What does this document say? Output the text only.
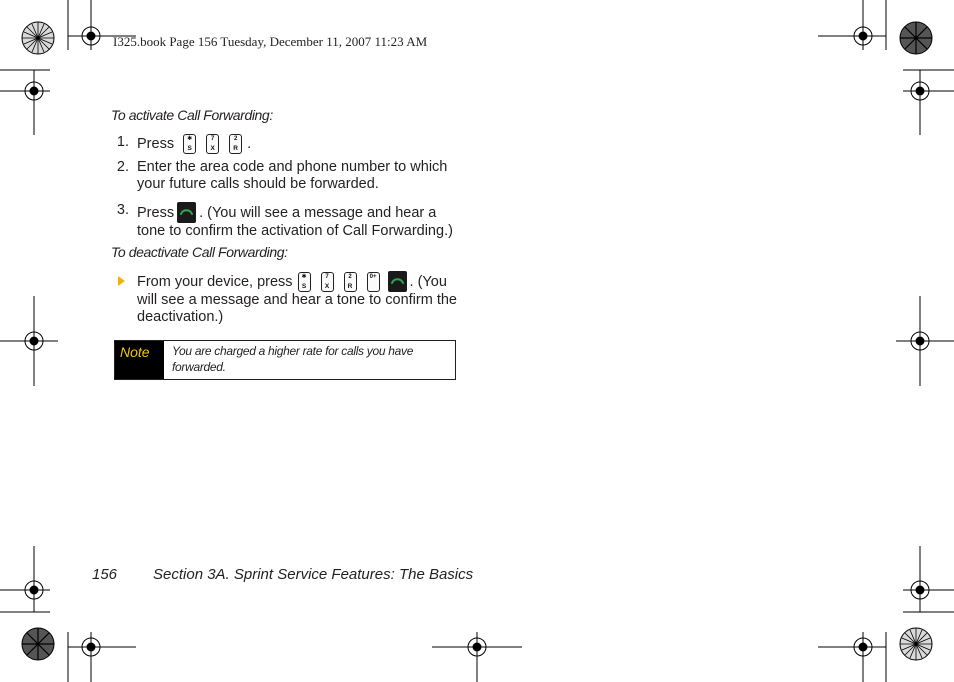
I325.book Page 156 Tuesday, December 11, 2007 11:23 AM
To activate Call Forwarding:
1. Press	✱
S
7
X
2
R .
2. Enter the area code and phone number to which
your future calls should be forwarded.
3. Press . (You will see a message and hear a
tone to confirm the activation of Call Forwarding.)
To deactivate Call Forwarding:
From your device, press	✱
S
7
X
2
R
0+ . (You
will see a message and hear a tone to confirm the
deactivation.)
Note	You are charged a higher rate for calls you have
forwarded.
156 Section 3A. Sprint Service Features: The Basics
